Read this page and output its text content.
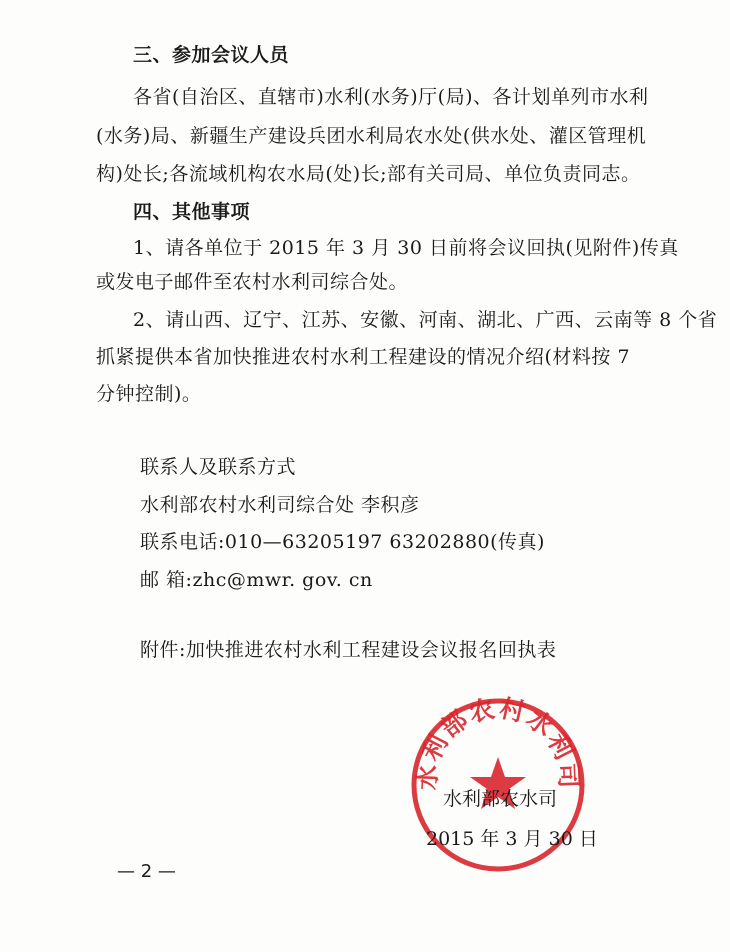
三、参加会议人员
各省(自治区、直辖市)水利(水务)厅(局)、各计划单列市水利
(水务)局、新疆生产建设兵团水利局农水处(供水处、灌区管理机
构)处长;各流域机构农水局(处)长;部有关司局、单位负责同志。
四、其他事项
1、请各单位于 2015 年 3 月 30 日前将会议回执(见附件)传真
或发电子邮件至农村水利司综合处。
2、请山西、辽宁、江苏、安徽、河南、湖北、广西、云南等 8 个省
抓紧提供本省加快推进农村水利工程建设的情况介绍(材料按 7
分钟控制)。
联系人及联系方式
水利部农村水利司综合处 李积彦
联系电话:010—63205197 63202880(传真)
邮 箱:zhc@mwr. gov. cn
附件:加快推进农村水利工程建设会议报名回执表
水利部农村水利司
水利部农水司
2015 年 3 月 30 日
— 2 —
